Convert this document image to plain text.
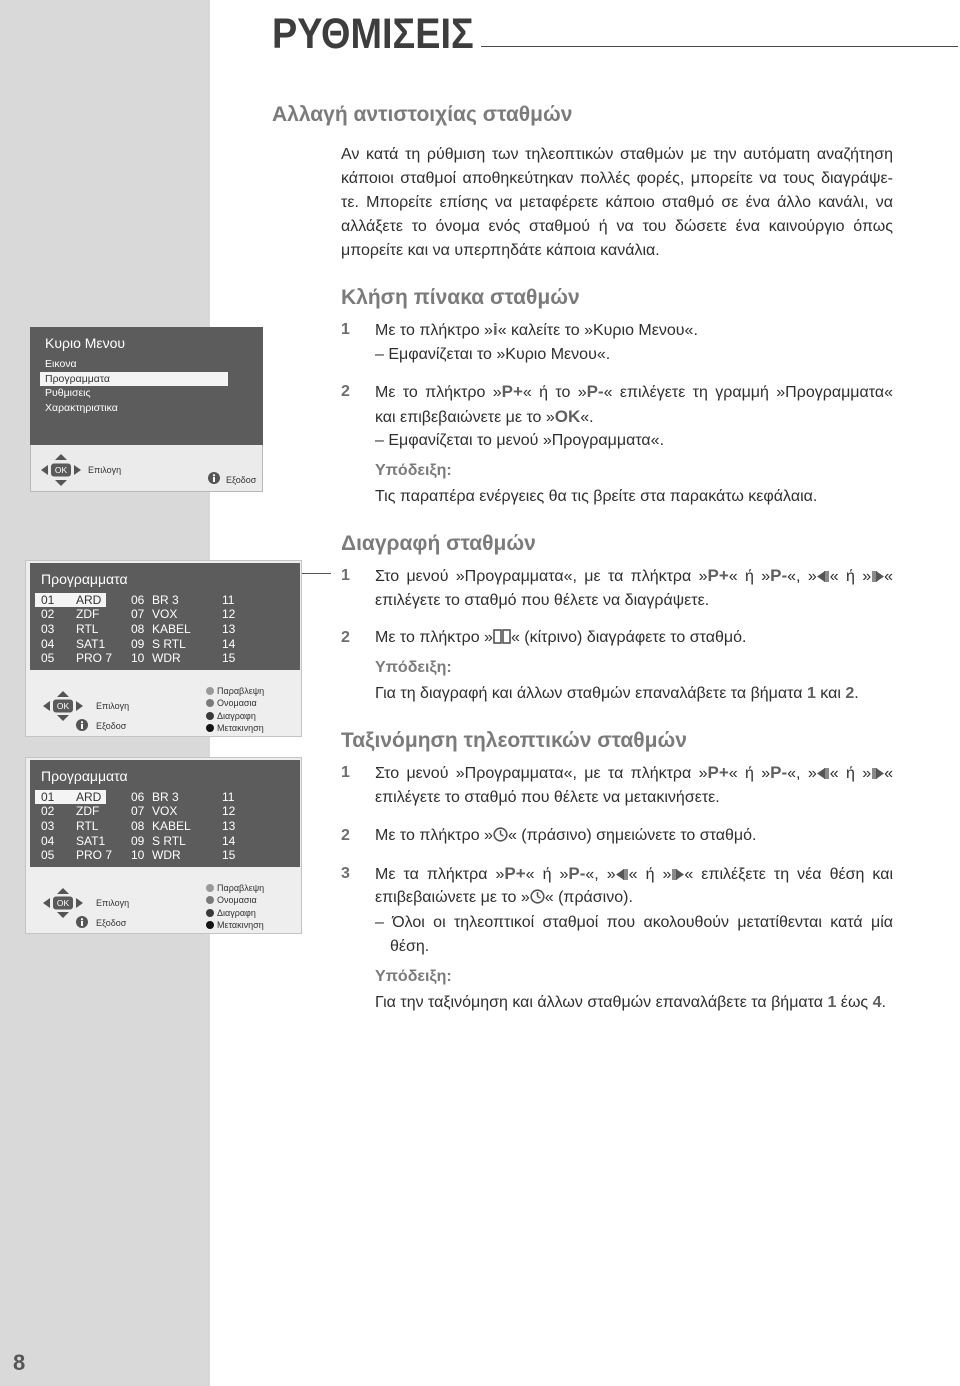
ΡΥΘΜΙΣΕΙΣ
8
Αλλαγή αντιστοιχίας σταθμών
Αν κατά τη ρύθμιση των τηλεοπτικών σταθμών με την αυτόματη αναζήτηση
κάποιοι σταθμοί αποθηκεύτηκαν πολλές φορές, μπορείτε να τους διαγράψε-
τε. Μπορείτε επίσης να μεταφέρετε κάποιο σταθμό σε ένα άλλο κανάλι, να
αλλάξετε το όνομα ενός σταθμού ή να του δώσετε ένα καινούργιο όπως
μπορείτε και να υπερπηδάτε κάποια κανάλια.
Κλήση πίνακα σταθμών
1 Με το πλήκτρο »i« καλείτε το »Κυριο Μενου«.
– Εμφανίζεται το »Κυριο Μενου«.
2 Με το πλήκτρο »P+« ή το »P-« επιλέγετε τη γραμμή »Προγραμματα«
και επιβεβαιώνετε με το »OK«.
– Εμφανίζεται το μενού »Προγραμματα«.
Υπόδειξη:
Τις παραπέρα ενέργειες θα τις βρείτε στα παρακάτω κεφάλαια.
Διαγραφή σταθμών
1 Στο μενού »Προγραμματα«, με τα πλήκτρα »P+« ή »P-«, » « ή » «
επιλέγετε το σταθμό που θέλετε να διαγράψετε.
2 Με το πλήκτρο » « (κίτρινο) διαγράφετε το σταθμό.
Υπόδειξη:
Για τη διαγραφή και άλλων σταθμών επαναλάβετε τα βήματα 1 και 2.
Ταξινόμηση τηλεοπτικών σταθμών
1 Στο μενού »Προγραμματα«, με τα πλήκτρα »P+« ή »P-«, » « ή » «
επιλέγετε το σταθμό που θέλετε να μετακινήσετε.
2 Με το πλήκτρο » « (πράσινο) σημειώνετε το σταθμό.
3 Με τα πλήκτρα »P+« ή »P-«, » « ή » « επιλέξετε τη νέα θέση και
επιβεβαιώνετε με το » « (πράσινο).
– Όλοι οι τηλεοπτικοί σταθμοί που ακολουθούν μετατίθενται κατά μία
θέση.
Υπόδειξη:
Για την ταξινόμηση και άλλων σταθμών επαναλάβετε τα βήματα 1 έως 4.
Κυριο Μενου
Εικονα
Προγραμματα
Ρυθμισεις
Χαρακτηριστικα
OK Επιλογη
Εξοδοσ
Προγραμματα
01 ARD 06 BR 3	11
02 ZDF	07 VOX	12
03 RTL	08 KABEL	13
04 SAT1 09 S RTL	14
05 PRO 7 10 WDR	15
OK	Επιλογη
Εξοδοσ
Παραβλεψη
Ονομασια
Διαγραφη
Μετακινηση
Προγραμματα
01 ARD 06 BR 3	11
02 ZDF	07 VOX	12
03 RTL	08 KABEL	13
04 SAT1 09 S RTL	14
05 PRO 7 10 WDR	15
OK	Επιλογη
Εξοδοσ
Παραβλεψη
Ονομασια
Διαγραφη
Μετακινηση
